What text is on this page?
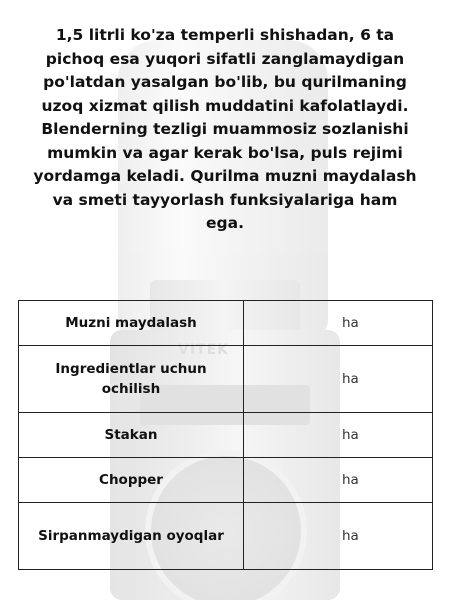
VITEK

1,5 litrli ko'za temperli shishadan, 6 ta pichoq esa yuqori sifatli zanglamaydigan po'latdan yasalgan bo'lib, bu qurilmaning uzoq xizmat qilish muddatini kafolatlaydi. Blenderning tezligi muammosiz sozlanishi mumkin va agar kerak bo'lsa, puls rejimi yordamga keladi. Qurilma muzni maydalash va smeti tayyorlash funksiyalariga ham ega.

Muzni maydalash	ha
Ingredientlar uchun ochilish	ha
Stakan	ha
Chopper	ha
Sirpanmaydigan oyoqlar	ha
